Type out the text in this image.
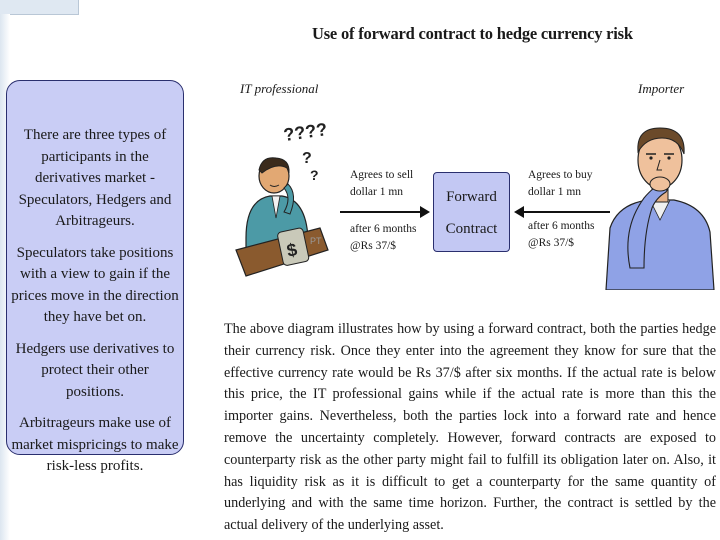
Use of forward contract to hedge currency risk

There are three types of participants in the derivatives market - Speculators, Hedgers and Arbitrageurs.

Speculators take positions with a view to gain if the prices move in the direction they have bet on.

Hedgers use derivatives to protect their other positions.

Arbitrageurs make use of market mispricings to make risk-less profits.

IT professional	Importer
????
?
?
$ PT
Agrees to sell
dollar 1 mn
after 6 months
@Rs 37/$
Forward
Contract
Agrees to buy
dollar 1 mn
after 6 months
@Rs 37/$

The above diagram illustrates how by using a forward contract, both the parties hedge their currency risk. Once they enter into the agreement they know for sure that the effective currency rate would be Rs 37/$ after six months. If the actual rate is below this price, the IT professional gains while if the actual rate is more than this the importer gains. Nevertheless, both the parties lock into a forward rate and hence remove the uncertainty completely. However, forward contracts are exposed to counterparty risk as the other party might fail to fulfill its obligation later on. Also, it has liquidity risk as it is difficult to get a counterparty for the same quantity of underlying and with the same time horizon. Further, the contract is settled by the actual delivery of the underlying asset.
